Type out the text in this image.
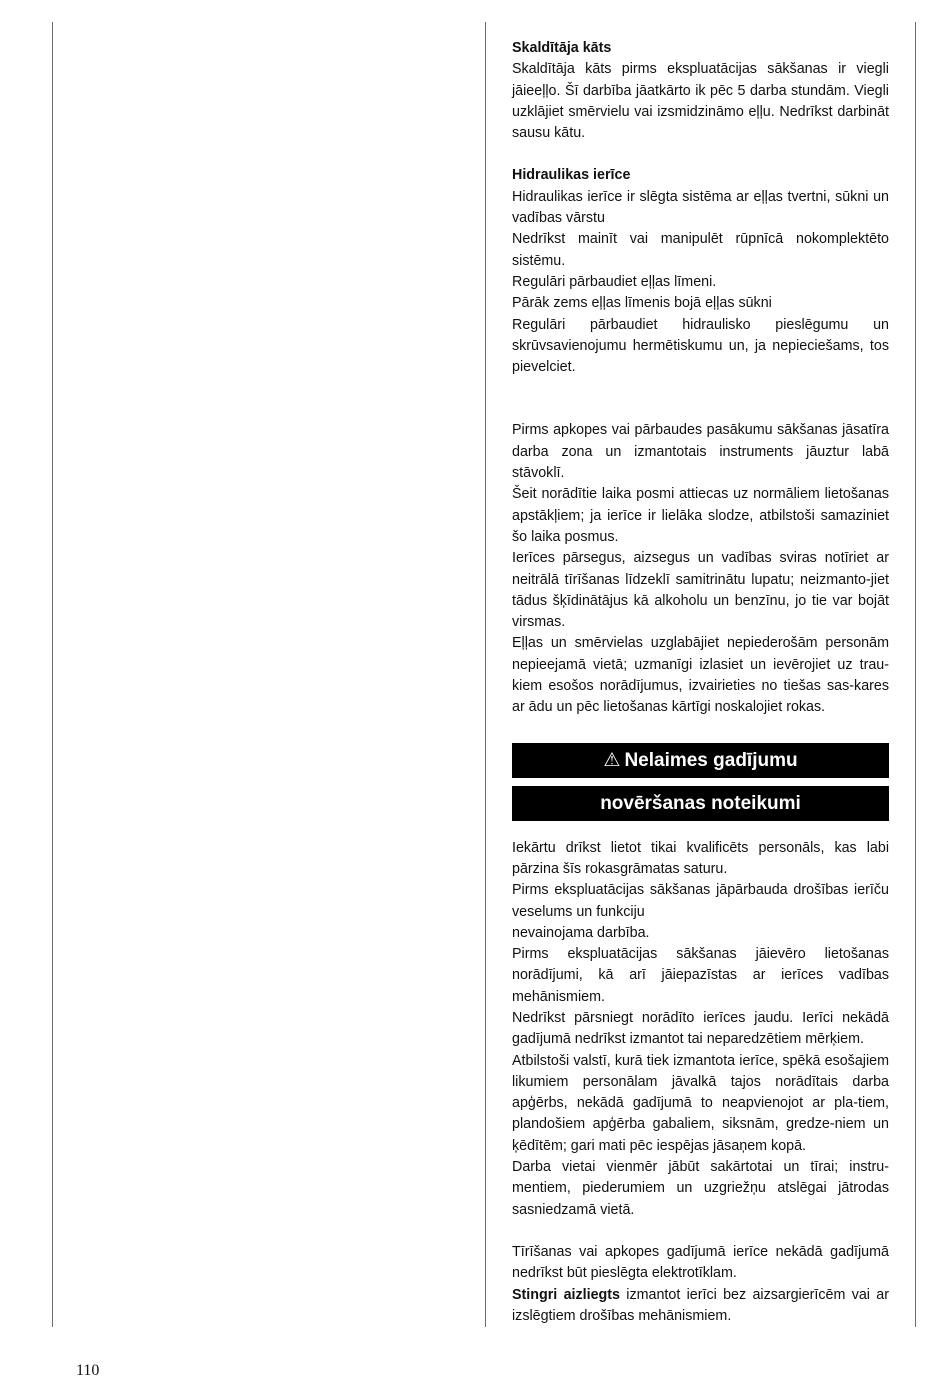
Skaldītāja kāts

Skaldītāja kāts pirms ekspluatācijas sākšanas ir viegli jāieeļļo. Šī darbība jāatkārto ik pēc 5 darba stundām. Viegli uzklājiet smērvielu vai izsmidzināmo eļļu. Nedrīkst darbināt sausu kātu.

Hidraulikas ierīce

Hidraulikas ierīce ir slēgta sistēma ar eļļas tvertni, sūkni un vadības vārstu

Nedrīkst mainīt vai manipulēt rūpnīcā nokomplektēto sistēmu.

Regulāri pārbaudiet eļļas līmeni.

Pārāk zems eļļas līmenis bojā eļļas sūkni

Regulāri pārbaudiet hidraulisko pieslēgumu un skrūvsavienojumu hermētiskumu un, ja nepieciešams, tos pievelciet.

Pirms apkopes vai pārbaudes pasākumu sākšanas jāsatīra darba zona un izmantotais instruments jāuztur labā stāvoklī.

Šeit norādītie laika posmi attiecas uz normāliem lietošanas apstākļiem; ja ierīce ir lielāka slodze, atbilstoši samaziniet šo laika posmus.

Ierīces pārsegus, aizsegus un vadības sviras notīriet ar neitrālā tīrīšanas līdzeklī samitrinātu lupatu; neizmanto-jiet tādus šķīdinātājus kā alkoholu un benzīnu, jo tie var bojāt virsmas.

Eļļas un smērvielas uzglabājiet nepiederošām personām nepieejamā vietā; uzmanīgi izlasiet un ievērojiet uz trau-kiem esošos norādījumus, izvairieties no tiešas sas-kares ar ādu un pēc lietošanas kārtīgi noskalojiet rokas.

⚠ Nelaimes gadījumu
novēršanas noteikumi

Iekārtu drīkst lietot tikai kvalificēts personāls, kas labi pārzina šīs rokasgrāmatas saturu.

Pirms ekspluatācijas sākšanas jāpārbauda drošības ierīču veselums un funkciju

nevainojama darbība.

Pirms ekspluatācijas sākšanas jāievēro lietošanas norādījumi, kā arī jāiepazīstas ar ierīces vadības mehānismiem.

Nedrīkst pārsniegt norādīto ierīces jaudu. Ierīci nekādā gadījumā nedrīkst izmantot tai neparedzētiem mērķiem.

Atbilstoši valstī, kurā tiek izmantota ierīce, spēkā esošajiem likumiem personālam jāvalkā tajos norādītais darba apģērbs, nekādā gadījumā to neapvienojot ar pla-tiem, plandošiem apģērba gabaliem, siksnām, gredze-niem un ķēdītēm; gari mati pēc iespējas jāsaņem kopā.

Darba vietai vienmēr jābūt sakārtotai un tīrai; instru-mentiem, piederumiem un uzgriežņu atslēgai jātrodas sasniedzamā vietā.

Tīrīšanas vai apkopes gadījumā ierīce nekādā gadījumā nedrīkst būt pieslēgta elektrotīklam.

Stingri aizliegts izmantot ierīci bez aizsargierīcēm vai ar izslēgtiem drošības mehānismiem.

110
